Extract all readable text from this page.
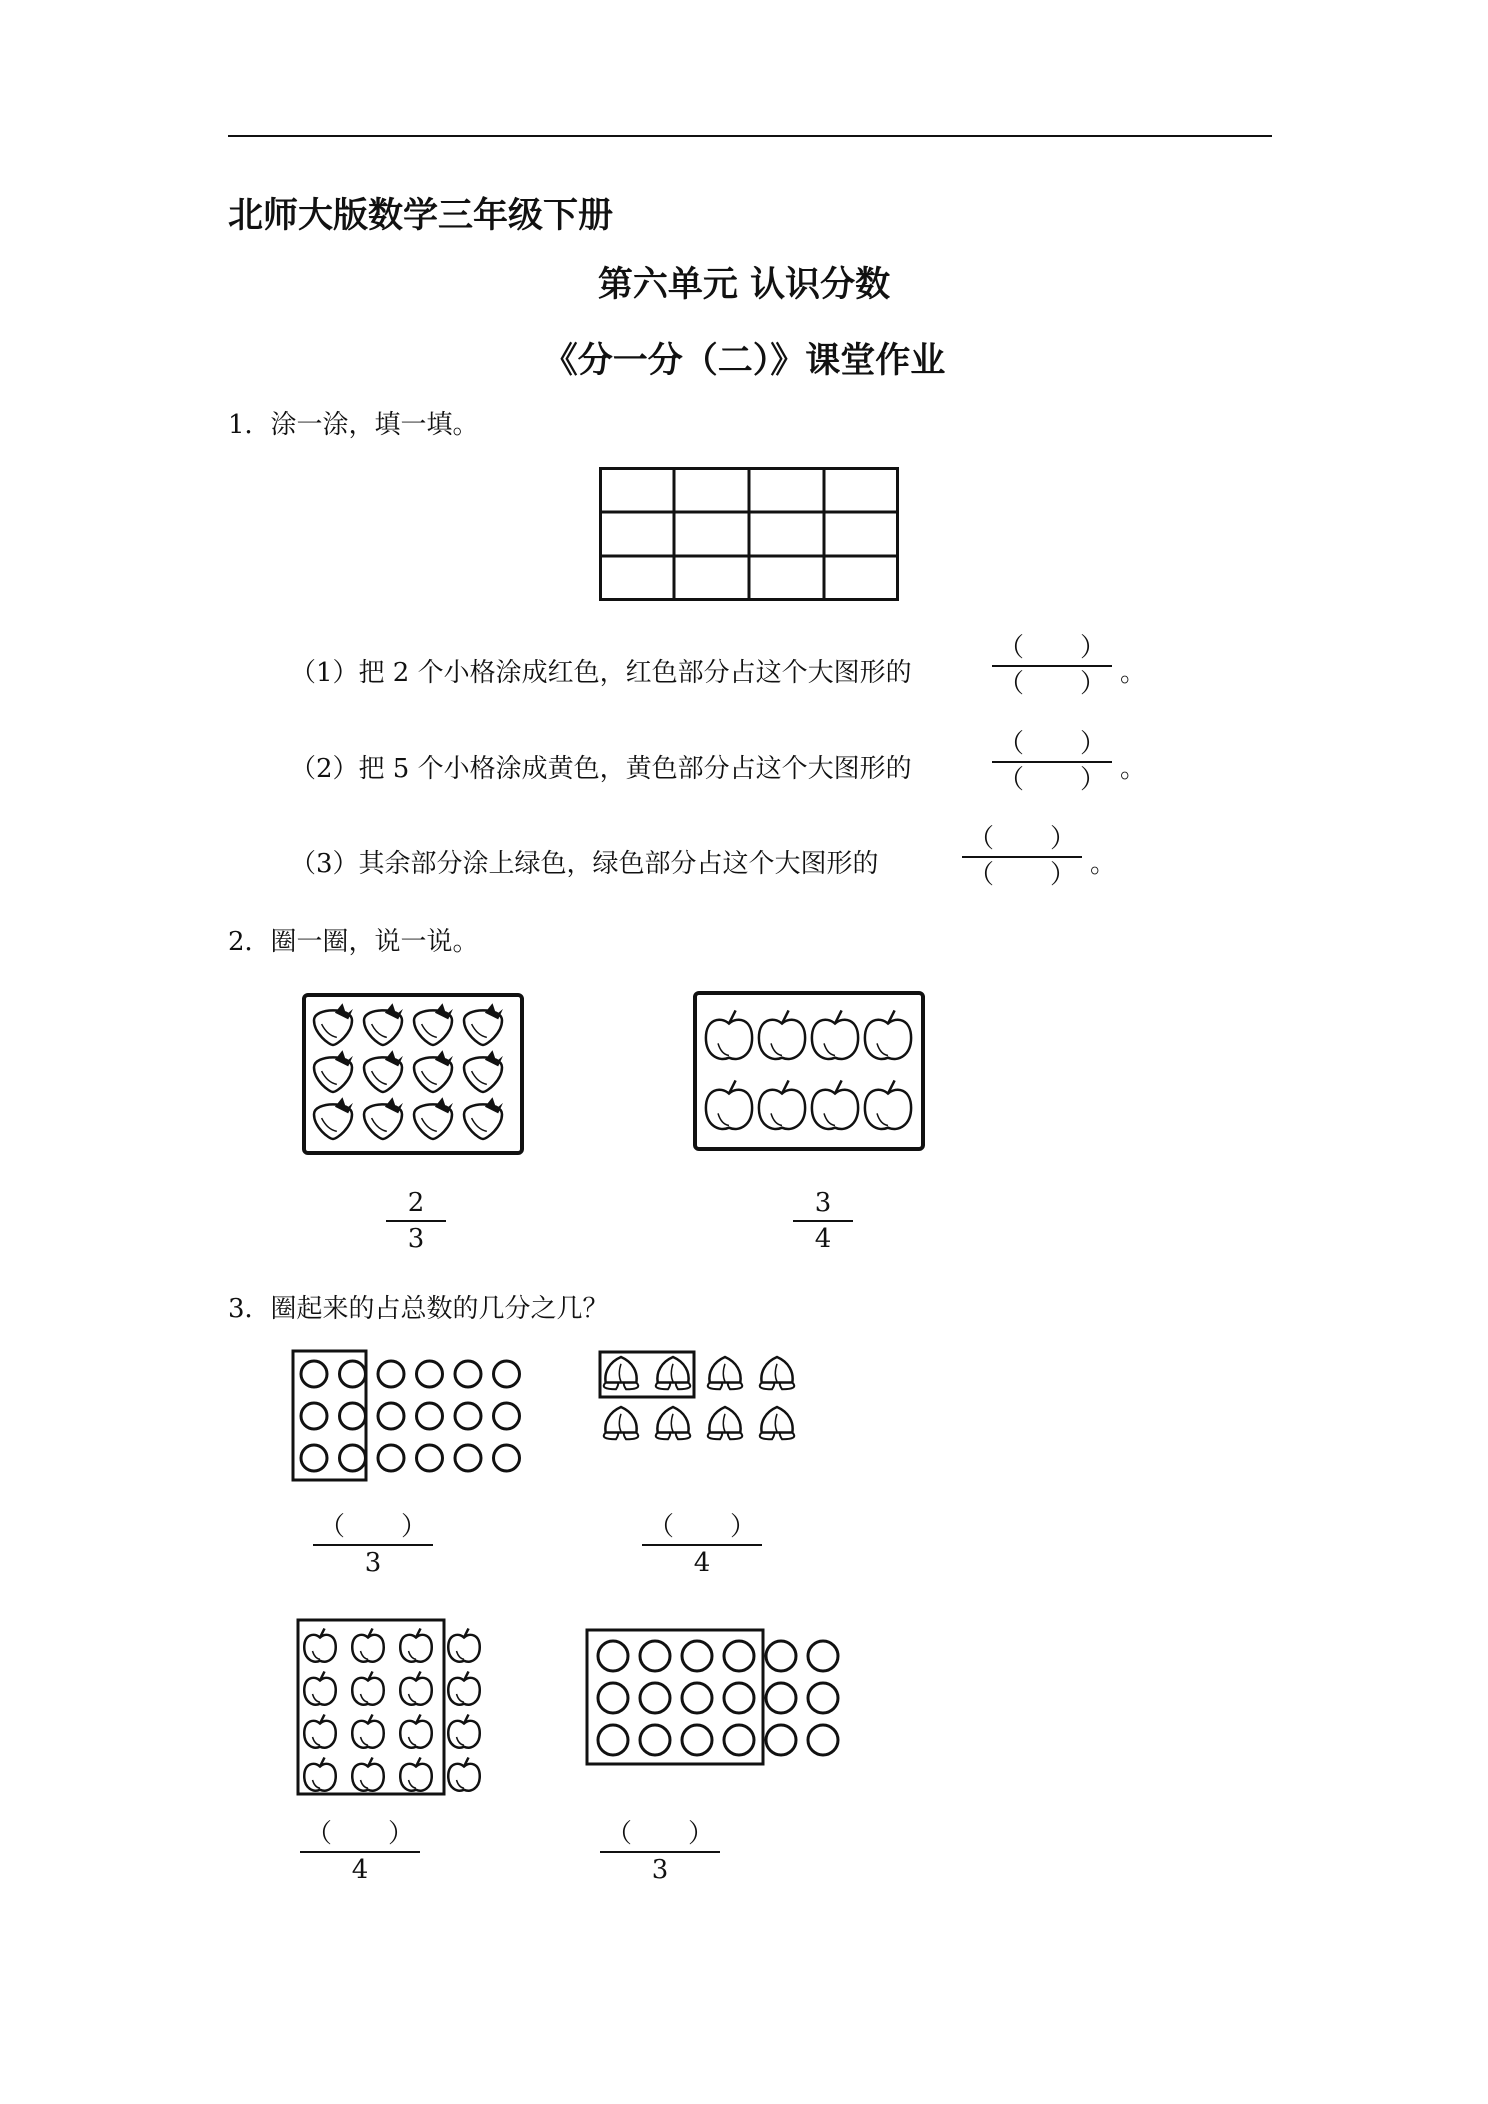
北师大版数学三年级下册
第六单元 认识分数
《分一分（二）》课堂作业
1．涂一涂，填一填。
（1）把 2 个小格涂成红色，红色部分占这个大图形的
（ ）
（ ） 。
（2）把 5 个小格涂成黄色，黄色部分占这个大图形的
（ ）
（ ） 。
（3）其余部分涂上绿色，绿色部分占这个大图形的
（ ）
（ ） 。
2．圈一圈，说一说。
2
3
3
4
3．圈起来的占总数的几分之几？
（ ）
3
（ ）
4
（ ）
4
（ ）
3
